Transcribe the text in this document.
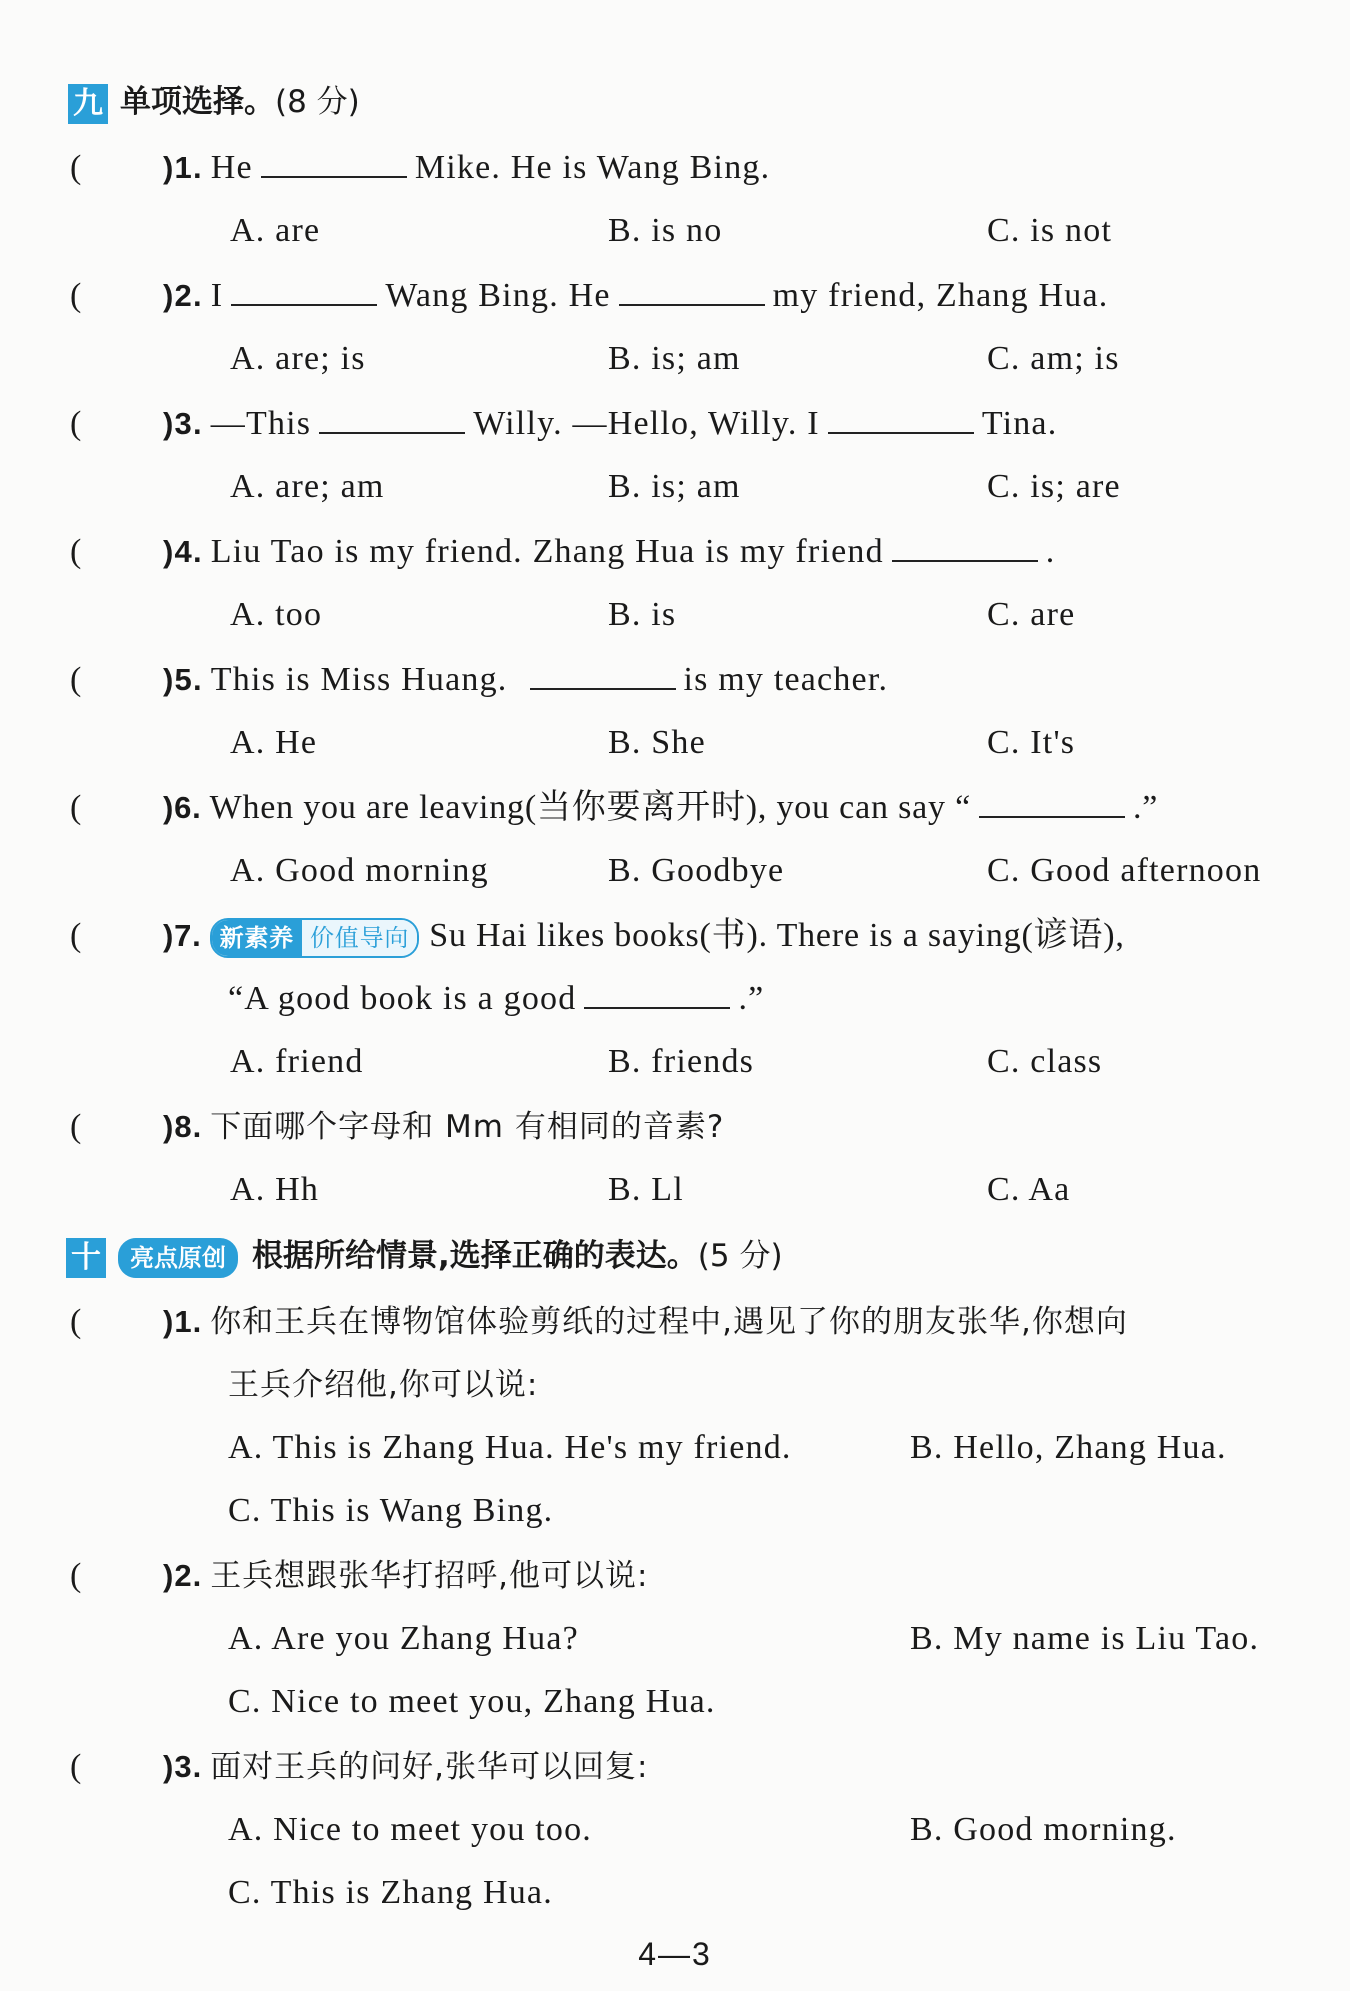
九 单项选择。(8 分)
(	)1. He	Mike. He is Wang Bing.
A. are	B. is no	C. is not
(	)2. I	Wang Bing. He	my friend, Zhang Hua.
A. are; is	B. is; am	C. am; is
(	)3. —This	Willy. —Hello, Willy. I	Tina.
A. are; am	B. is; am	C. is; are
(	)4. Liu Tao is my friend. Zhang Hua is my friend	.
A. too	B. is	C. are
(	)5. This is Miss Huang.	is my teacher.
A. He	B. She	C. It's
(	)6. When you are leaving(当你要离开时), you can say “	.”
A. Good morning	B. Goodbye	C. Good afternoon
(	)7. 新素养 价值导向 Su Hai likes books(书). There is a saying(谚语),
“A good book is a good	.”
A. friend	B. friends	C. class
(	)8. 下面哪个字母和 Mm 有相同的音素?
A. Hh	B. Ll	C. Aa
十 亮点原创 根据所给情景,选择正确的表达。(5 分)
(	)1. 你和王兵在博物馆体验剪纸的过程中,遇见了你的朋友张华,你想向
王兵介绍他,你可以说:
A. This is Zhang Hua. He's my friend.	B. Hello, Zhang Hua.
C. This is Wang Bing.
(	)2. 王兵想跟张华打招呼,他可以说:
A. Are you Zhang Hua?	B. My name is Liu Tao.
C. Nice to meet you, Zhang Hua.
(	)3. 面对王兵的问好,张华可以回复:
A. Nice to meet you too.	B. Good morning.
C. This is Zhang Hua.
4—3
